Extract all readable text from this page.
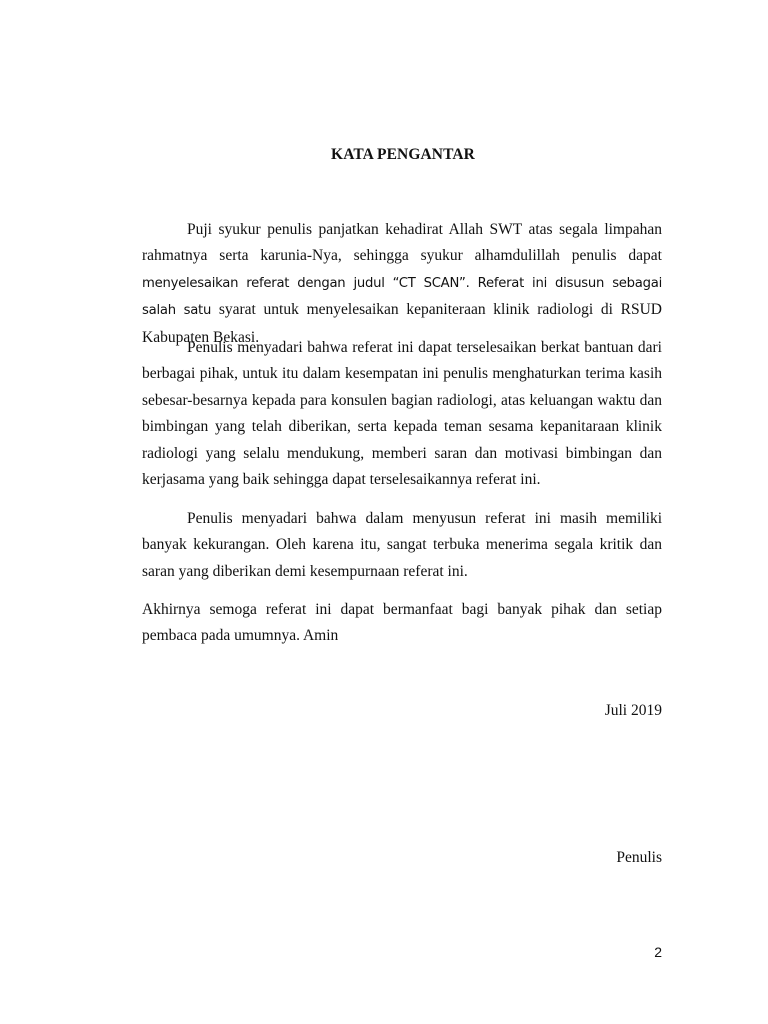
KATA PENGANTAR

Puji syukur penulis panjatkan kehadirat Allah SWT atas segala limpahan rahmatnya serta karunia-Nya, sehingga syukur alhamdulillah penulis dapat menyelesaikan referat dengan judul “CT SCAN”. Referat ini disusun sebagai salah satu syarat untuk menyelesaikan kepaniteraan klinik radiologi di RSUD Kabupaten Bekasi.

Penulis menyadari bahwa referat ini dapat terselesaikan berkat bantuan dari berbagai pihak, untuk itu dalam kesempatan ini penulis menghaturkan terima kasih sebesar-besarnya kepada para konsulen bagian radiologi, atas keluangan waktu dan bimbingan yang telah diberikan, serta kepada teman sesama kepanitaraan klinik radiologi yang selalu mendukung, memberi saran dan motivasi bimbingan dan kerjasama yang baik sehingga dapat terselesaikannya referat ini.

Penulis menyadari bahwa dalam menyusun referat ini masih memiliki banyak kekurangan. Oleh karena itu, sangat terbuka menerima segala kritik dan saran yang diberikan demi kesempurnaan referat ini.

Akhirnya semoga referat ini dapat bermanfaat bagi banyak pihak dan setiap pembaca pada umumnya. Amin

Juli 2019
Penulis
2
